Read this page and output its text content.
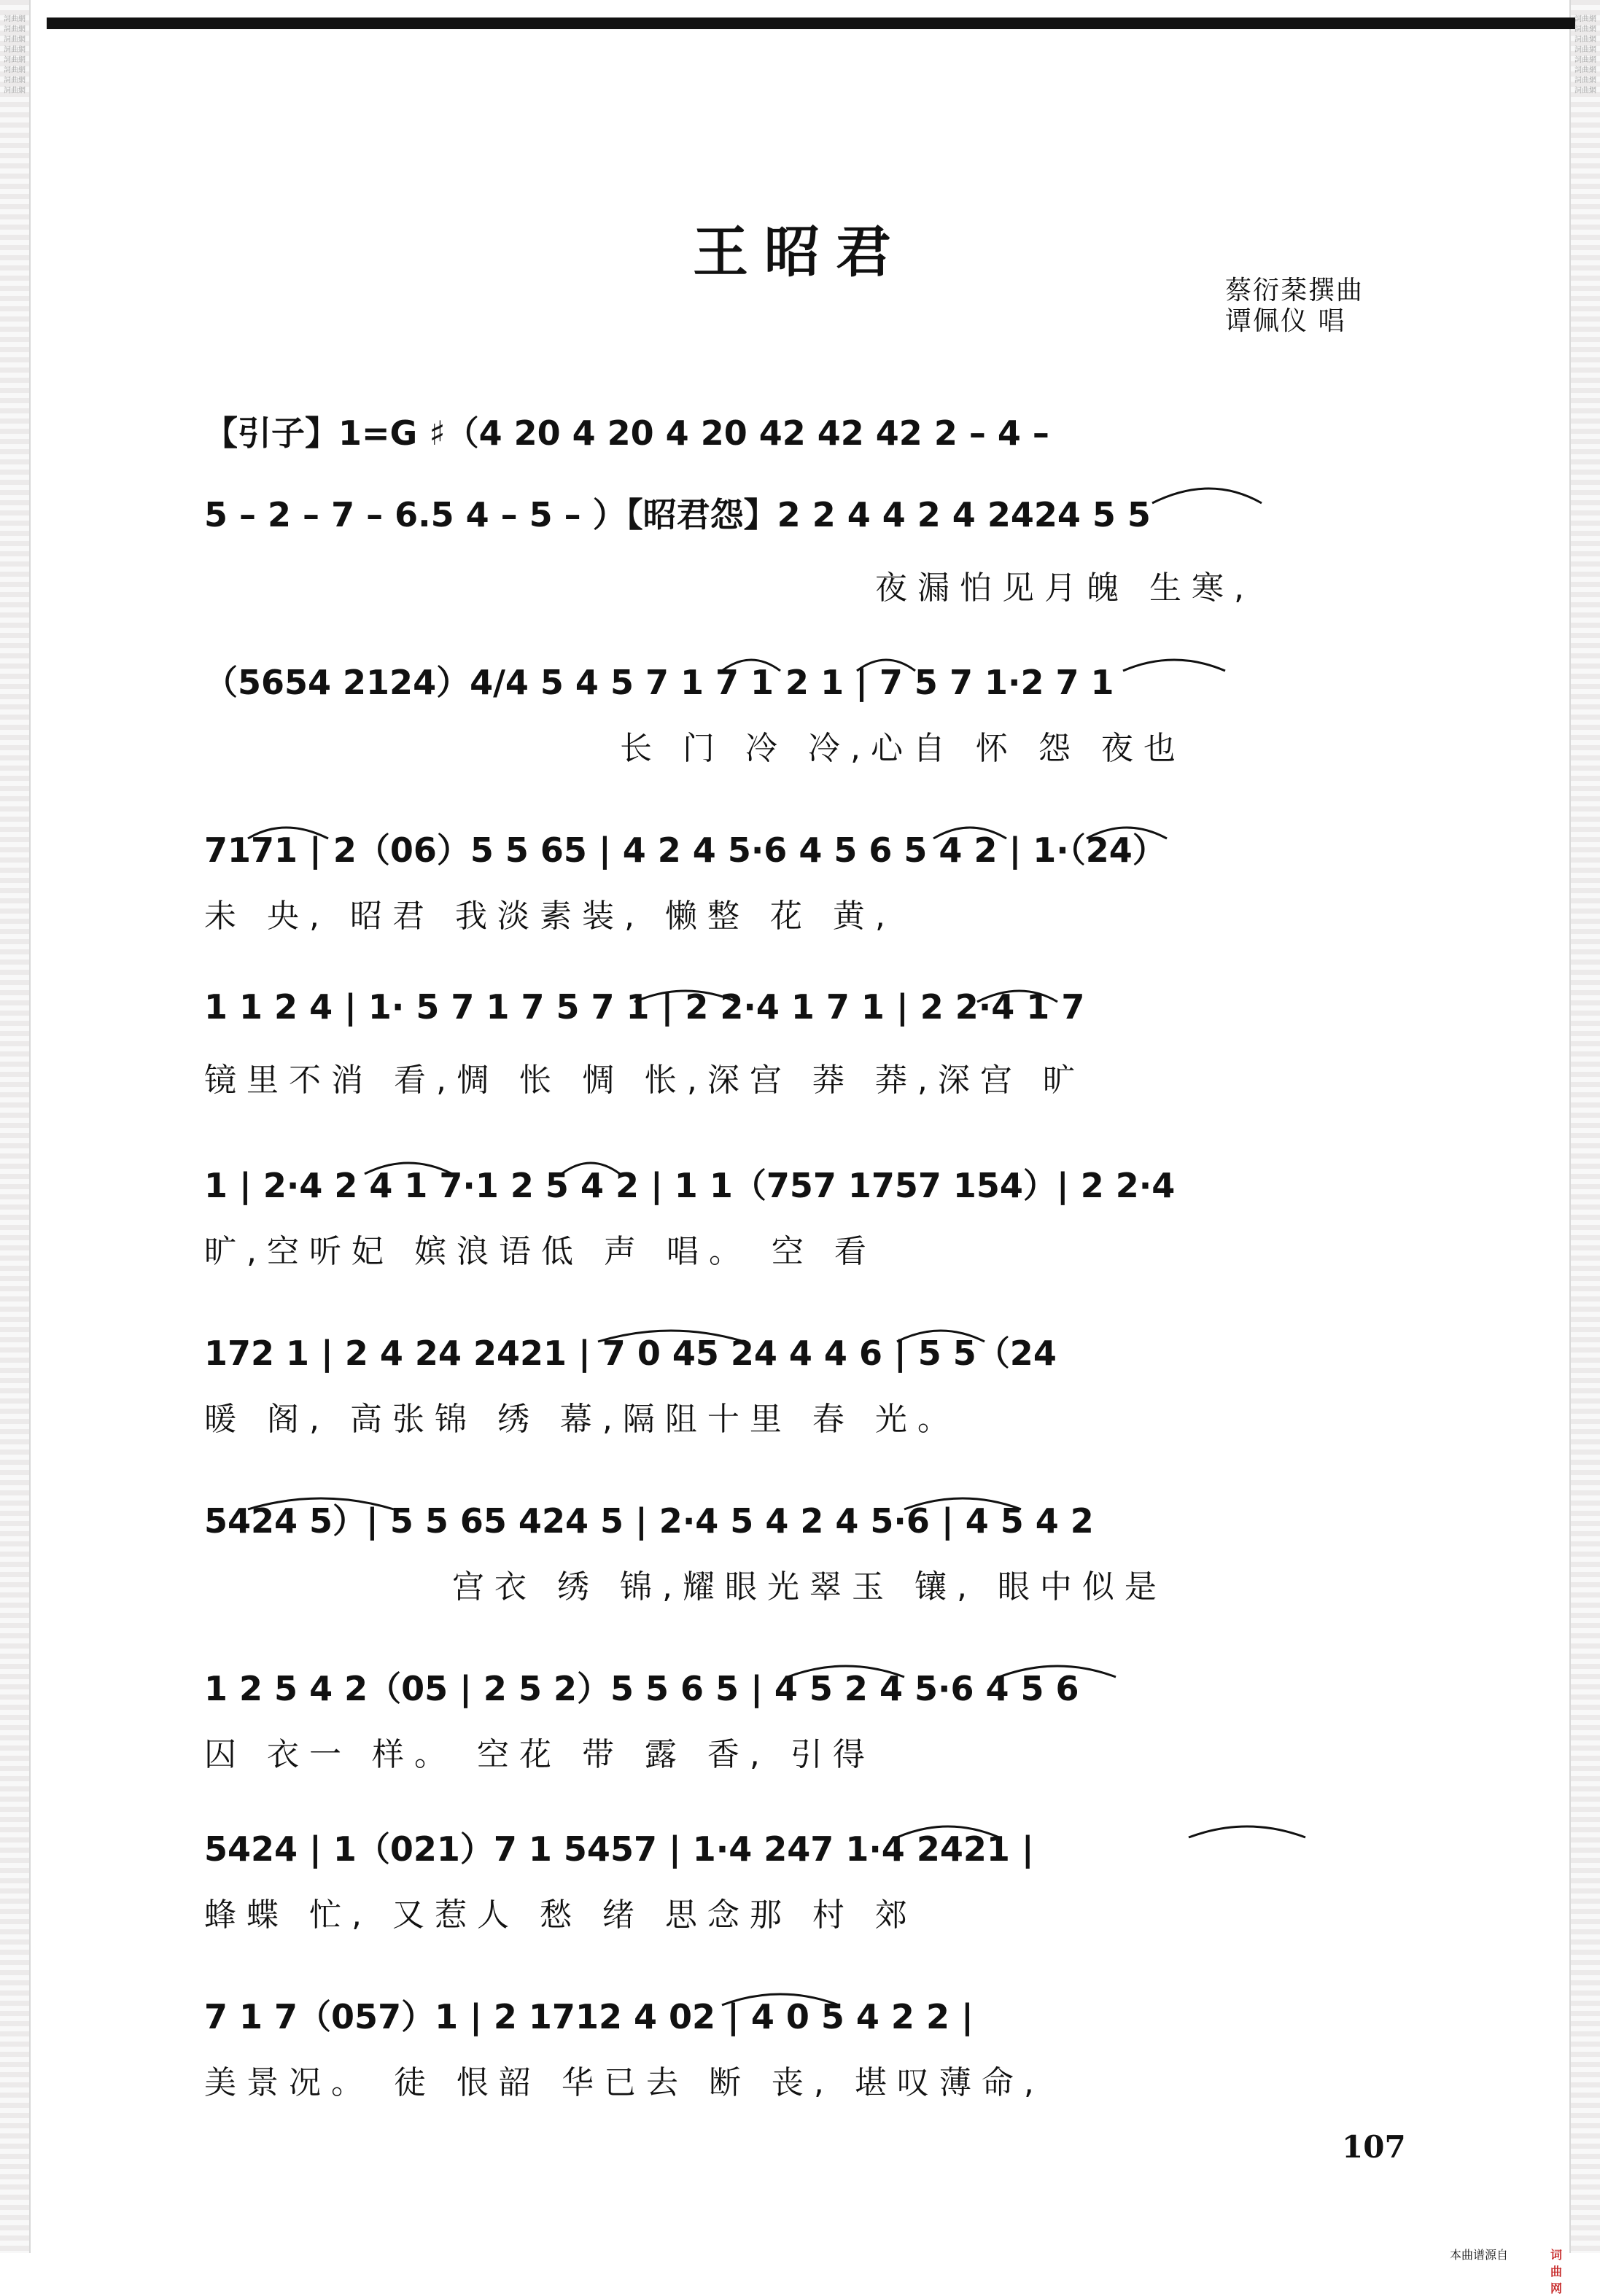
王昭君
蔡衍棻撰曲
谭佩仪 唱
【引子】1=G ♯（4 20 4 20 4 20 42 42 42 2 – 4 –
5 – 2 – 7 – 6.5 4 – 5 – ）【昭君怨】2 2 4 4 2 4 2424 5 5
夜漏怕见月魄 生寒,
（5654 2124）4/4 5 4 5 7 1 7 1 2 1 | 7 5 7 1·2 7 1
长 门 冷 冷,心自 怀 怨 夜也
7171 | 2（06）5 5 65 | 4 2 4 5·6 4 5 6 5 4 2 | 1·（24）
未 央, 昭君 我淡素装, 懒整 花 黄,
1 1 2 4 | 1· 5 7 1 7 5 7 1 | 2 2·4 1 7 1 | 2 2·4 1 7
镜里不消 看,惆 怅 惆 怅,深宫 莽 莽,深宫 旷
1 | 2·4 2 4 1 7·1 2 5 4 2 | 1 1（757 1757 154）| 2 2·4
旷,空听妃 嫔浪语低 声 唱。 空 看
172 1 | 2 4 24 2421 | 7 0 45 24 4 4 6 | 5 5（24
暖 阁, 高张锦 绣 幕,隔阻十里 春 光。
5424 5）| 5 5 65 424 5 | 2·4 5 4 2 4 5·6 | 4 5 4 2
宫衣 绣 锦,耀眼光翠玉 镶, 眼中似是
1 2 5 4 2（05 | 2 5 2）5 5 6 5 | 4 5 2 4 5·6 4 5 6
囚 衣一 样。 空花 带 露 香, 引得
5424 | 1（021）7 1 5457 | 1·4 247 1·4 2421 |
蜂蝶 忙, 又惹人 愁 绪 思念那 村 郊
7 1 7（057）1 | 2 1712 4 02 | 4 0 5 4 2 2 |
美景况。 徒 恨韶 华已去 断 丧, 堪叹薄命,
107
本曲谱源自	词曲网
詞曲網 詞曲網 詞曲網 詞曲網 詞曲網 詞曲網 詞曲網 詞曲網
詞曲網 詞曲網 詞曲網 詞曲網 詞曲網 詞曲網 詞曲網 詞曲網
